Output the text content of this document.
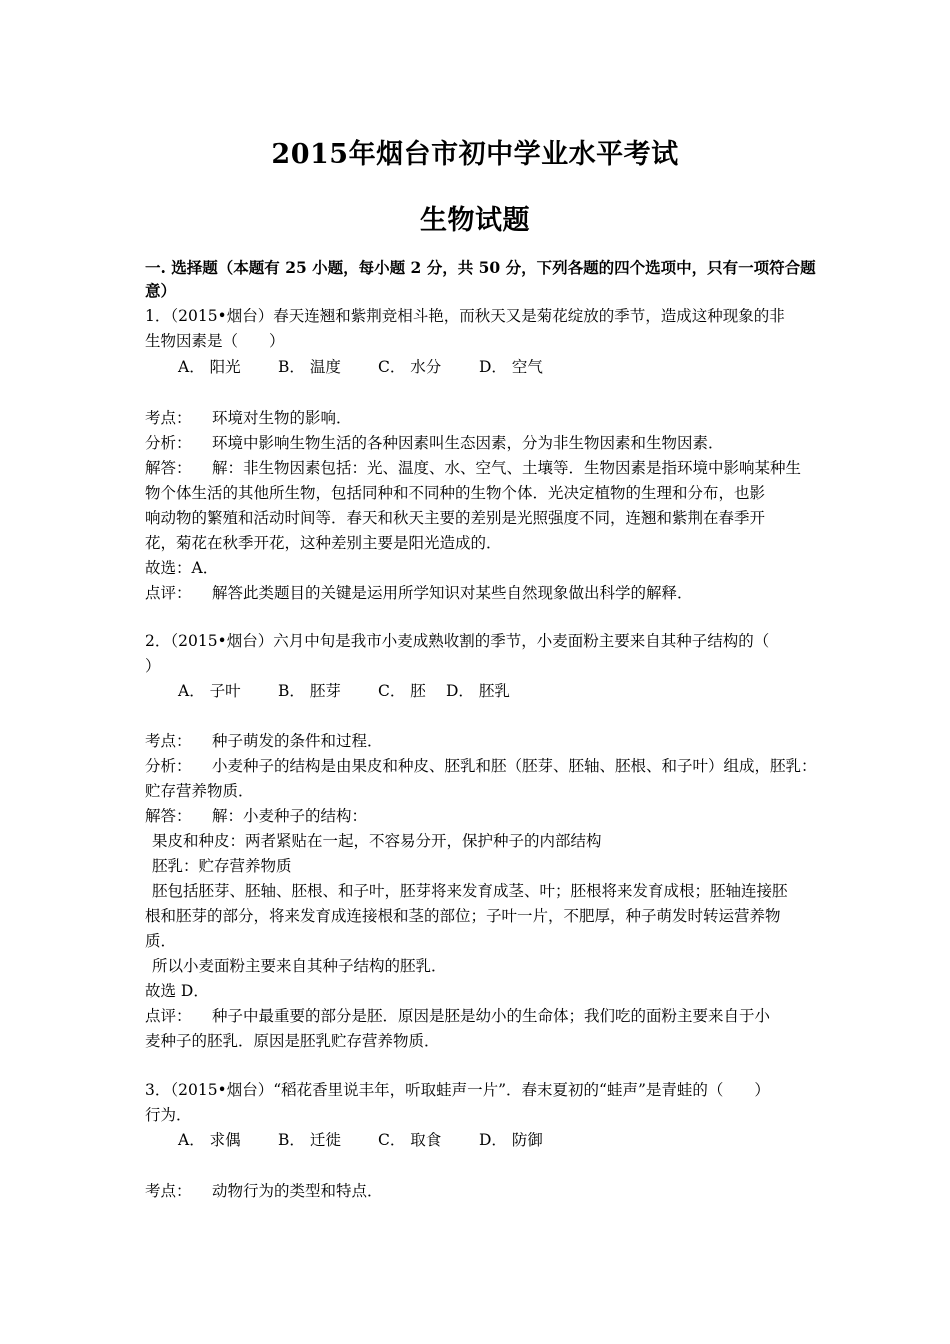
2015年烟台市初中学业水平考试
生物试题
一. 选择题（本题有 25 小题，每小题 2 分，共 50 分，下列各题的四个选项中，只有一项符合题
意）
1．（2015•烟台）春天连翘和紫荆竞相斗艳，而秋天又是菊花绽放的季节，造成这种现象的非
生物因素是（　　）
A． 阳光 B． 温度 C． 水分 D． 空气
考点： 环境对生物的影响．
分析： 环境中影响生物生活的各种因素叫生态因素，分为非生物因素和生物因素．
解答： 解：非生物因素包括：光、温度、水、空气、土壤等．生物因素是指环境中影响某种生
物个体生活的其他所生物，包括同种和不同种的生物个体．光决定植物的生理和分布，也影
响动物的繁殖和活动时间等．春天和秋天主要的差别是光照强度不同，连翘和紫荆在春季开
花，菊花在秋季开花，这种差别主要是阳光造成的．
故选：A．
点评： 解答此类题目的关键是运用所学知识对某些自然现象做出科学的解释．
2．（2015•烟台）六月中旬是我市小麦成熟收割的季节，小麦面粉主要来自其种子结构的（
）
A． 子叶 B． 胚芽 C． 胚 D． 胚乳
考点： 种子萌发的条件和过程．
分析： 小麦种子的结构是由果皮和种皮、胚乳和胚（胚芽、胚轴、胚根、和子叶）组成，胚乳：
贮存营养物质．
解答： 解：小麦种子的结构：
果皮和种皮：两者紧贴在一起，不容易分开，保护种子的内部结构
胚乳：贮存营养物质
胚包括胚芽、胚轴、胚根、和子叶，胚芽将来发育成茎、叶；胚根将来发育成根；胚轴连接胚
根和胚芽的部分，将来发育成连接根和茎的部位；子叶一片，不肥厚，种子萌发时转运营养物
质．
所以小麦面粉主要来自其种子结构的胚乳．
故选 D．
点评： 种子中最重要的部分是胚．原因是胚是幼小的生命体；我们吃的面粉主要来自于小
麦种子的胚乳．原因是胚乳贮存营养物质．
3．（2015•烟台）“稻花香里说丰年，听取蛙声一片”．春末夏初的“蛙声”是青蛙的（　　）
行为．
A． 求偶 B． 迁徙 C． 取食 D． 防御
考点： 动物行为的类型和特点．
